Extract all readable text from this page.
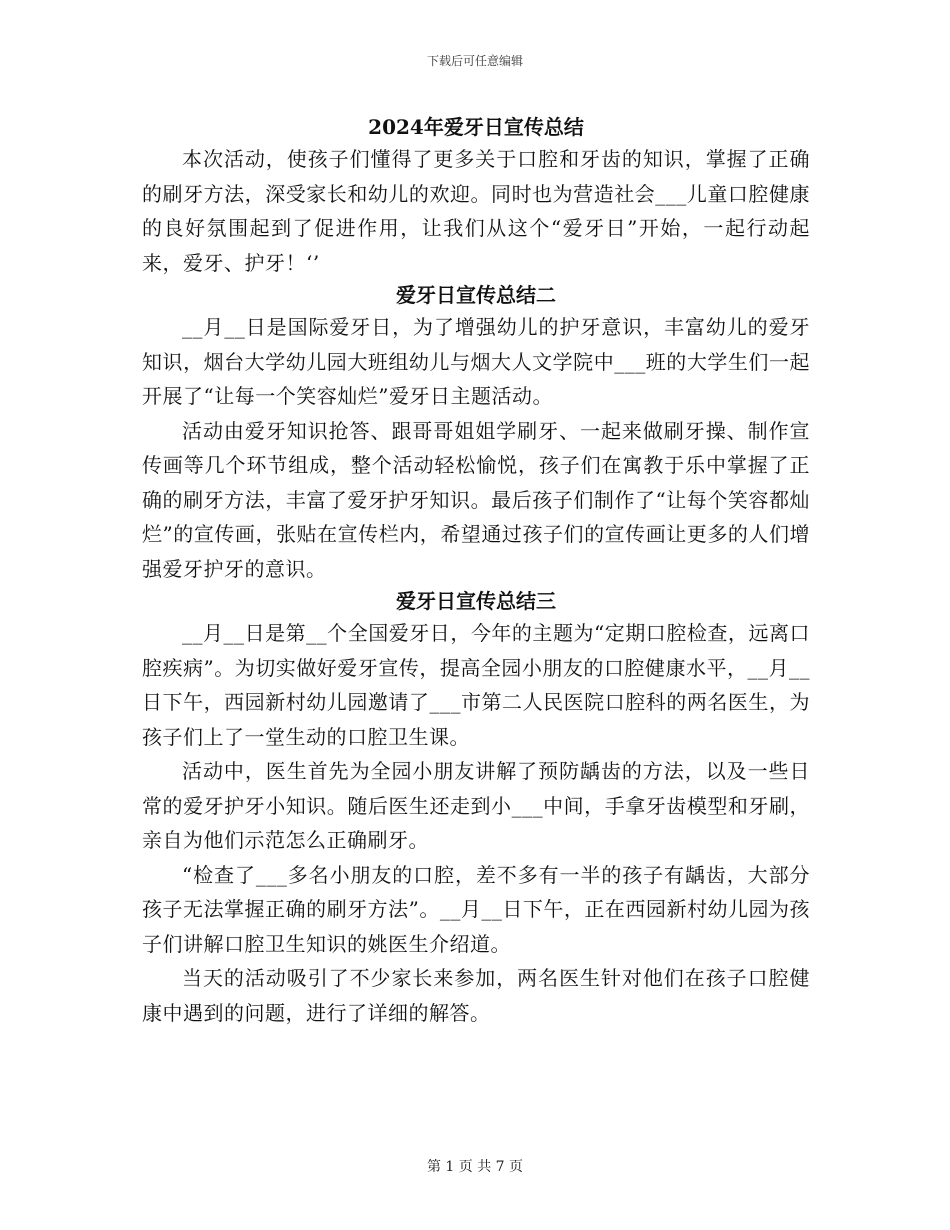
下载后可任意编辑
2024年爱牙日宣传总结

本次活动，使孩子们懂得了更多关于口腔和牙齿的知识，掌握了正确的刷牙方法，深受家长和幼儿的欢迎。同时也为营造社会___儿童口腔健康的良好氛围起到了促进作用，让我们从这个“爱牙日”开始，一起行动起来，爱牙、护牙！‘’

爱牙日宣传总结二

__月__日是国际爱牙日，为了增强幼儿的护牙意识，丰富幼儿的爱牙知识，烟台大学幼儿园大班组幼儿与烟大人文学院中___班的大学生们一起开展了“让每一个笑容灿烂”爱牙日主题活动。

活动由爱牙知识抢答、跟哥哥姐姐学刷牙、一起来做刷牙操、制作宣传画等几个环节组成，整个活动轻松愉悦，孩子们在寓教于乐中掌握了正确的刷牙方法，丰富了爱牙护牙知识。最后孩子们制作了“让每个笑容都灿烂”的宣传画，张贴在宣传栏内，希望通过孩子们的宣传画让更多的人们增强爱牙护牙的意识。

爱牙日宣传总结三

__月__日是第__个全国爱牙日，今年的主题为“定期口腔检查，远离口腔疾病”。为切实做好爱牙宣传，提高全园小朋友的口腔健康水平，__月__日下午，西园新村幼儿园邀请了___市第二人民医院口腔科的两名医生，为孩子们上了一堂生动的口腔卫生课。

活动中，医生首先为全园小朋友讲解了预防龋齿的方法，以及一些日常的爱牙护牙小知识。随后医生还走到小___中间，手拿牙齿模型和牙刷，亲自为他们示范怎么正确刷牙。

“检查了___多名小朋友的口腔，差不多有一半的孩子有龋齿，大部分孩子无法掌握正确的刷牙方法”。__月__日下午，正在西园新村幼儿园为孩子们讲解口腔卫生知识的姚医生介绍道。

当天的活动吸引了不少家长来参加，两名医生针对他们在孩子口腔健康中遇到的问题，进行了详细的解答。

第 1 页 共 7 页
